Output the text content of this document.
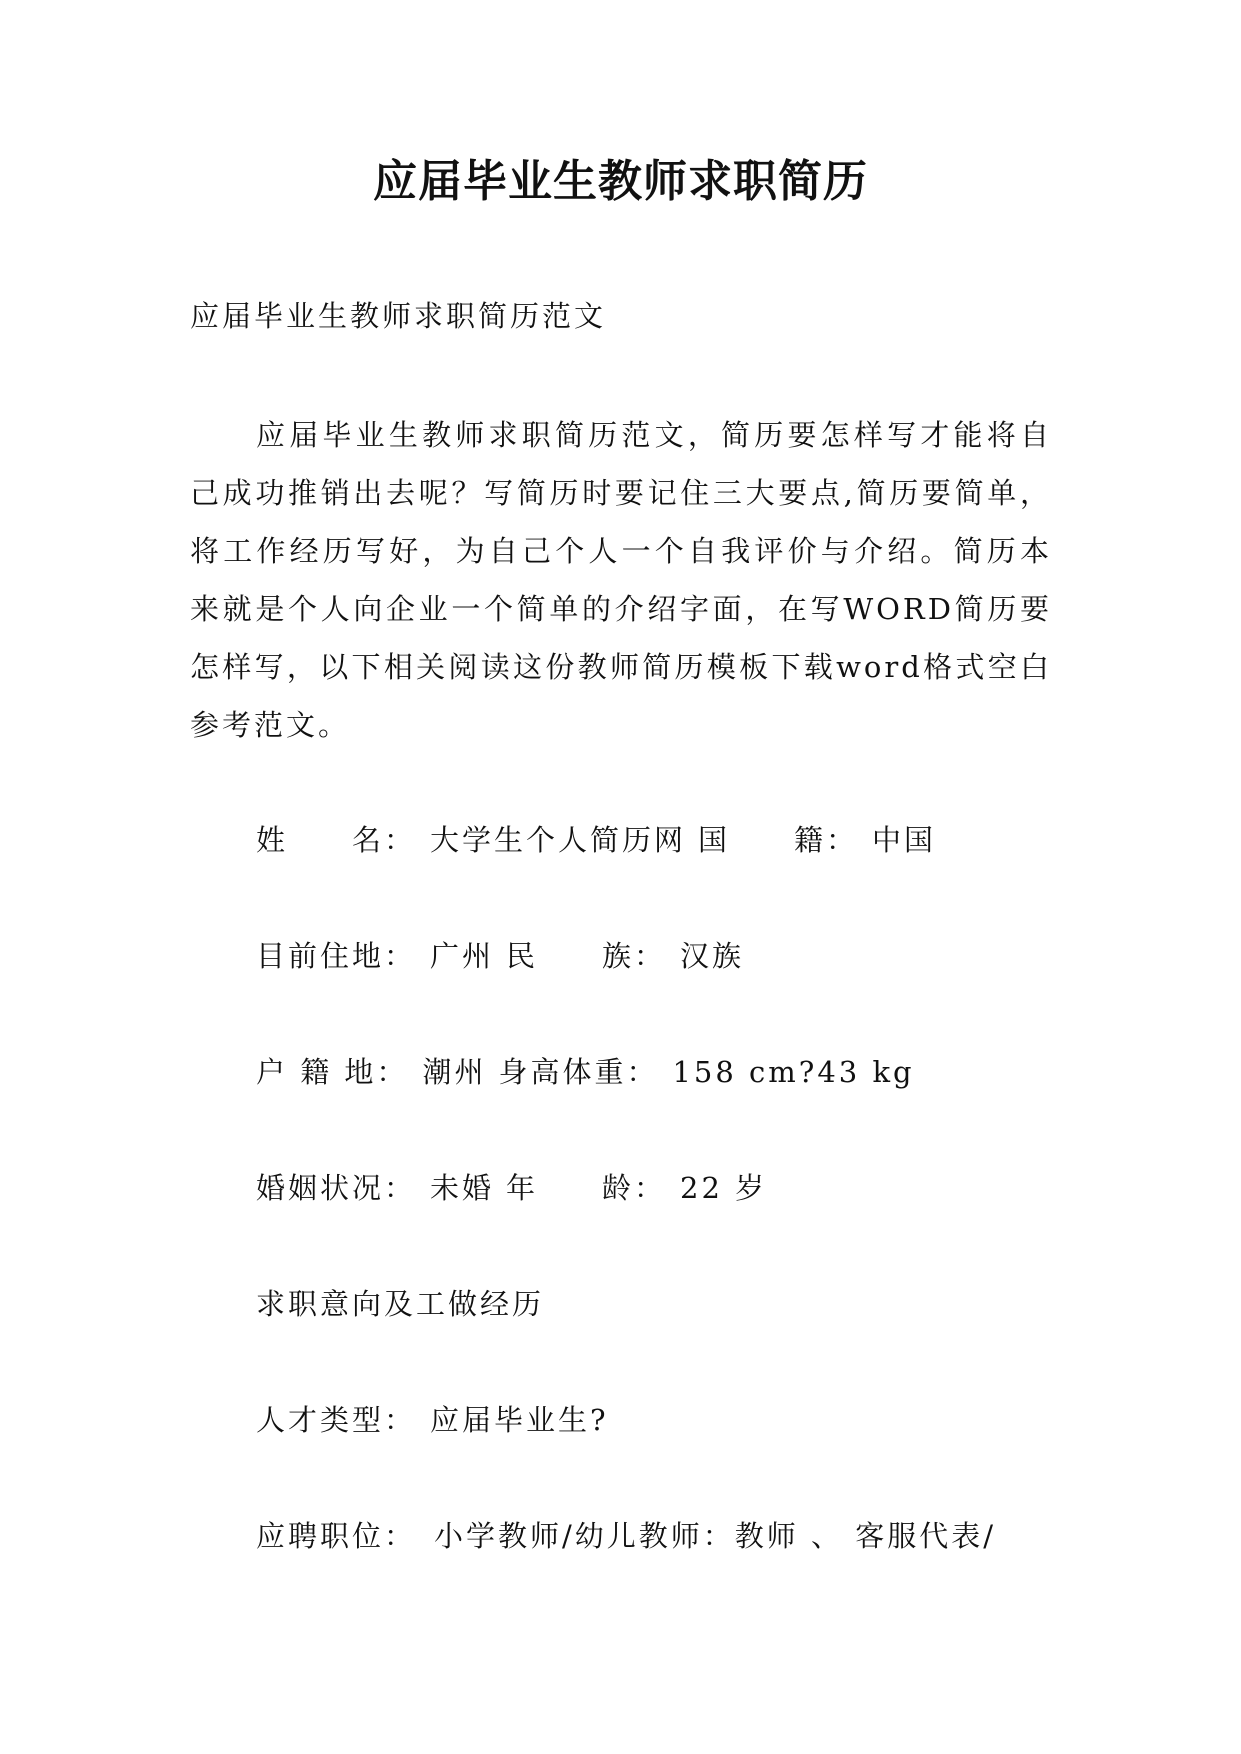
应届毕业生教师求职简历
应届毕业生教师求职简历范文

应届毕业生教师求职简历范文，简历要怎样写才能将自己成功推销出去呢？写简历时要记住三大要点,简历要简单，将工作经历写好，为自己个人一个自我评价与介绍。简历本来就是个人向企业一个简单的介绍字面，在写WORD简历要怎样写，以下相关阅读这份教师简历模板下载word格式空白参考范文。

姓　　名： 大学生个人简历网 国　　籍： 中国
目前住地： 广州 民　　族： 汉族
户 籍 地： 潮州 身高体重： 158 cm?43 kg
婚姻状况： 未婚 年　　龄： 22 岁
求职意向及工做经历
人才类型： 应届毕业生?
应聘职位： 小学教师/幼儿教师：教师 、 客服代表/
